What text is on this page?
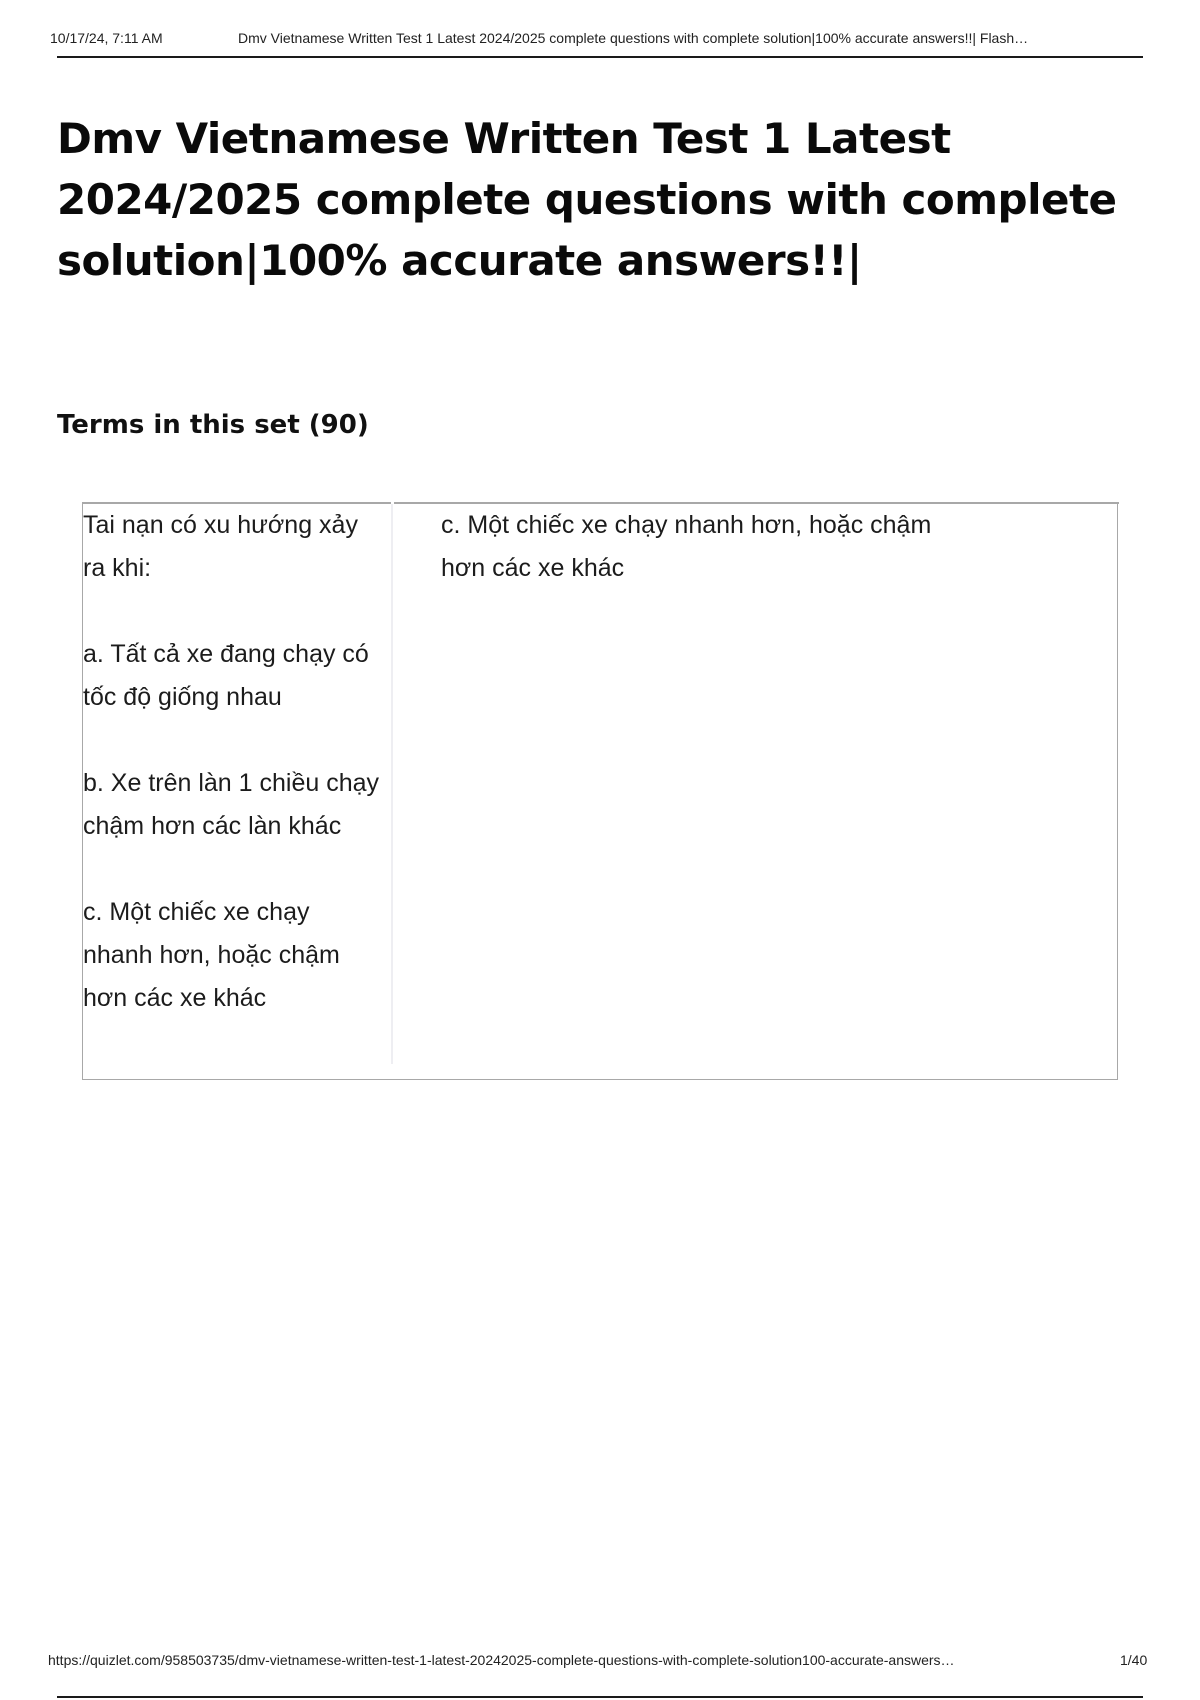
10/17/24, 7:11 AM	Dmv Vietnamese Written Test 1 Latest 2024/2025 complete questions with complete solution|100% accurate answers!!| Flash…
Dmv Vietnamese Written Test 1 Latest
2024/2025 complete questions with complete
solution|100% accurate answers!!|
Terms in this set (90)

Tai nạn có xu hướng xảy ra khi:

a. Tất cả xe đang chạy có tốc độ giống nhau

b. Xe trên làn 1 chiều chạy chậm hơn các làn khác

c. Một chiếc xe chạy nhanh hơn, hoặc chậm hơn các xe khác

c. Một chiếc xe chạy nhanh hơn, hoặc chậm hơn các xe khác
https://quizlet.com/958503735/dmv-vietnamese-written-test-1-latest-20242025-complete-questions-with-complete-solution100-accurate-answers…	1/40
